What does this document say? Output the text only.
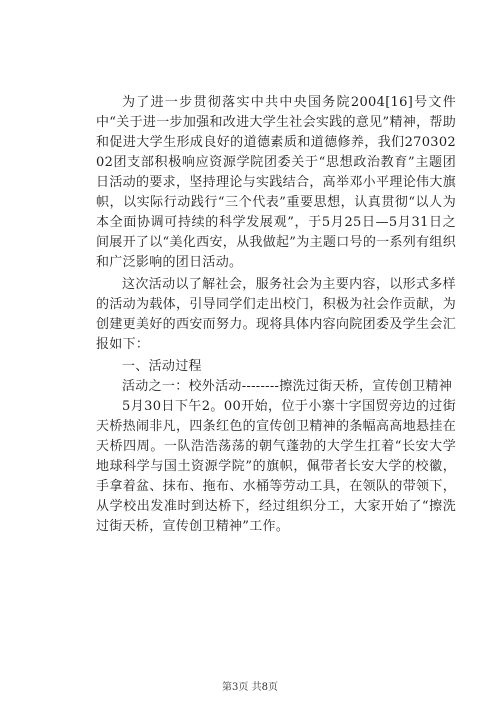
为了进一步贯彻落实中共中央国务院2004[16]号文件中“关于进一步加强和改进大学生社会实践的意见”精神，帮助和促进大学生形成良好的道德素质和道德修养，我们27030202团支部积极响应资源学院团委关于“思想政治教育”主题团日活动的要求，坚持理论与实践结合，高举邓小平理论伟大旗帜，以实际行动践行“三个代表”重要思想，认真贯彻“以人为本全面协调可持续的科学发展观”，于5月25日—5月31日之间展开了以“美化西安，从我做起”为主题口号的一系列有组织和广泛影响的团日活动。

这次活动以了解社会，服务社会为主要内容，以形式多样的活动为载体，引导同学们走出校门，积极为社会作贡献，为创建更美好的西安而努力。现将具体内容向院团委及学生会汇报如下：

一、活动过程

活动之一：校外活动--------擦洗过街天桥，宣传创卫精神

5月30日下午2。00开始，位于小寨十字国贸旁边的过街天桥热闹非凡，四条红色的宣传创卫精神的条幅高高地悬挂在天桥四周。一队浩浩荡荡的朝气蓬勃的大学生扛着“长安大学地球科学与国土资源学院”的旗帜，佩带者长安大学的校徽，手拿着盆、抹布、拖布、水桶等劳动工具，在领队的带领下，从学校出发准时到达桥下，经过组织分工，大家开始了“擦洗过街天桥，宣传创卫精神”工作。

第3页 共8页
